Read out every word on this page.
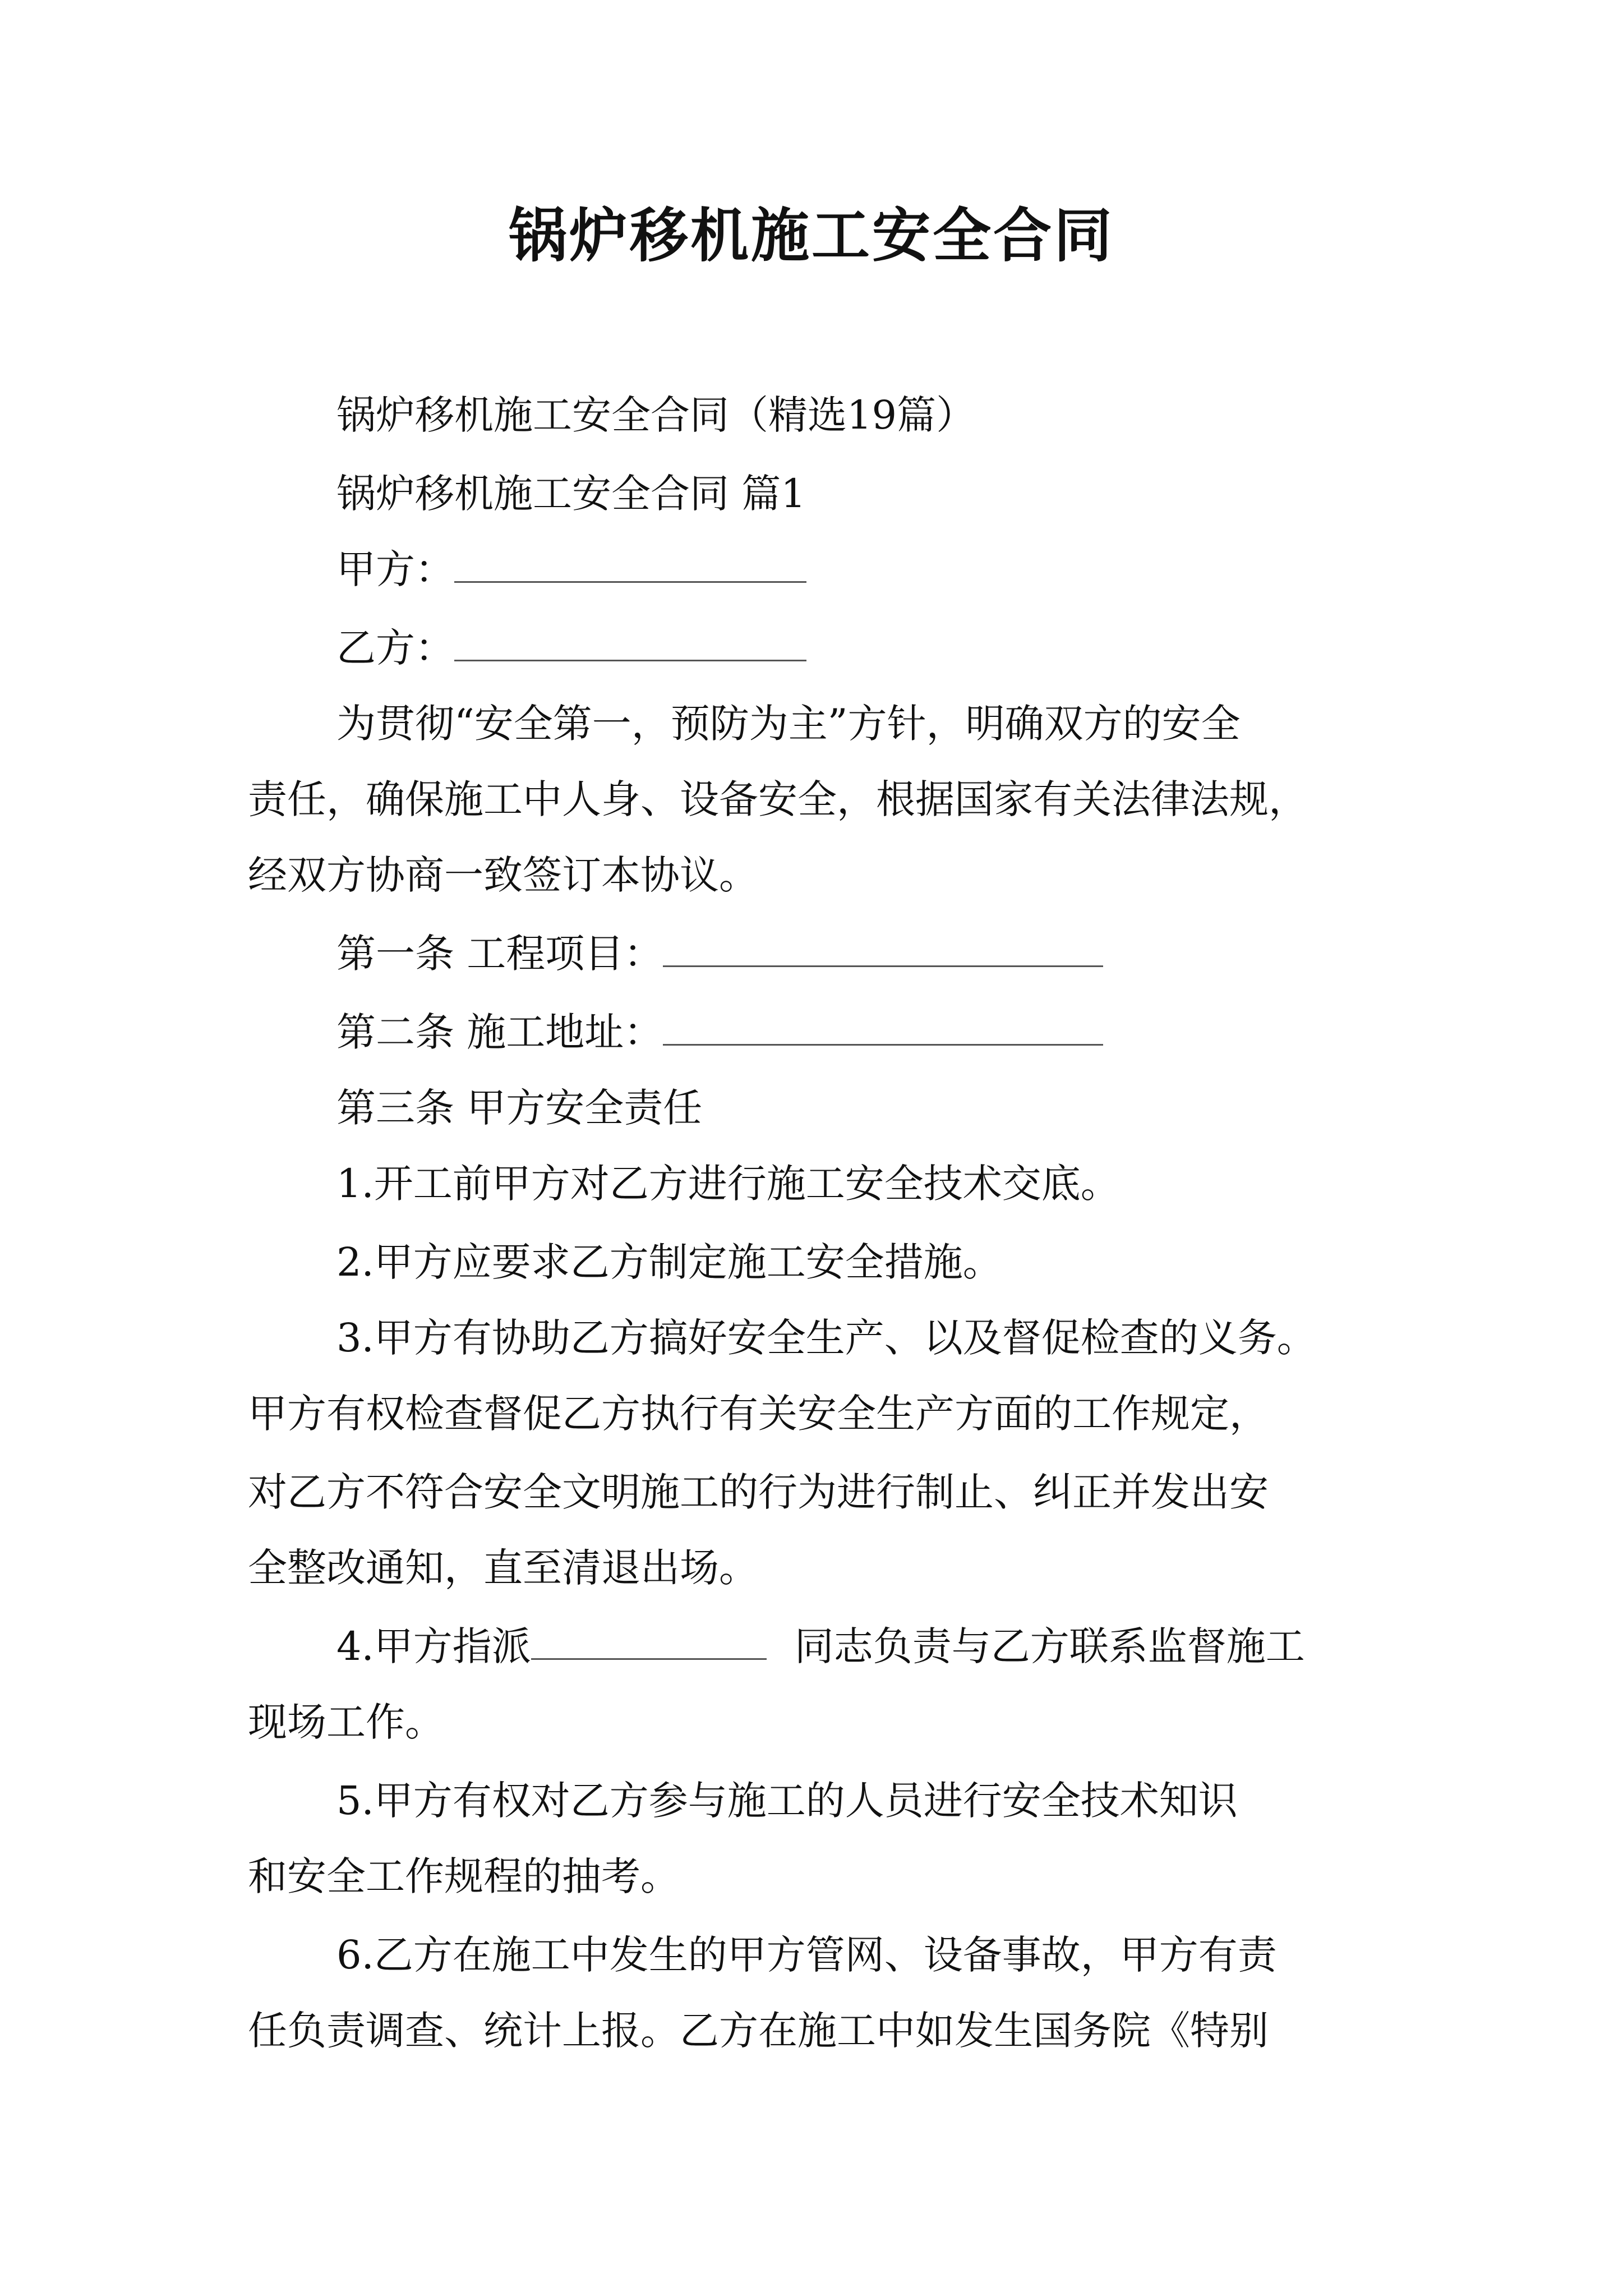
锅炉移机施工安全合同
锅炉移机施工安全合同（精选19篇）
锅炉移机施工安全合同 篇1
甲方：
乙方：
为贯彻“安全第一，预防为主”方针，明确双方的安全
责任，确保施工中人身、设备安全，根据国家有关法律法规，
经双方协商一致签订本协议。
第一条 工程项目：
第二条 施工地址：
第三条 甲方安全责任
1.开工前甲方对乙方进行施工安全技术交底。
2.甲方应要求乙方制定施工安全措施。
3.甲方有协助乙方搞好安全生产、以及督促检查的义务。
甲方有权检查督促乙方执行有关安全生产方面的工作规定，
对乙方不符合安全文明施工的行为进行制止、纠正并发出安
全整改通知，直至清退出场。
4.甲方指派	同志负责与乙方联系监督施工
现场工作。
5.甲方有权对乙方参与施工的人员进行安全技术知识
和安全工作规程的抽考。
6.乙方在施工中发生的甲方管网、设备事故，甲方有责
任负责调查、统计上报。乙方在施工中如发生国务院《特别
